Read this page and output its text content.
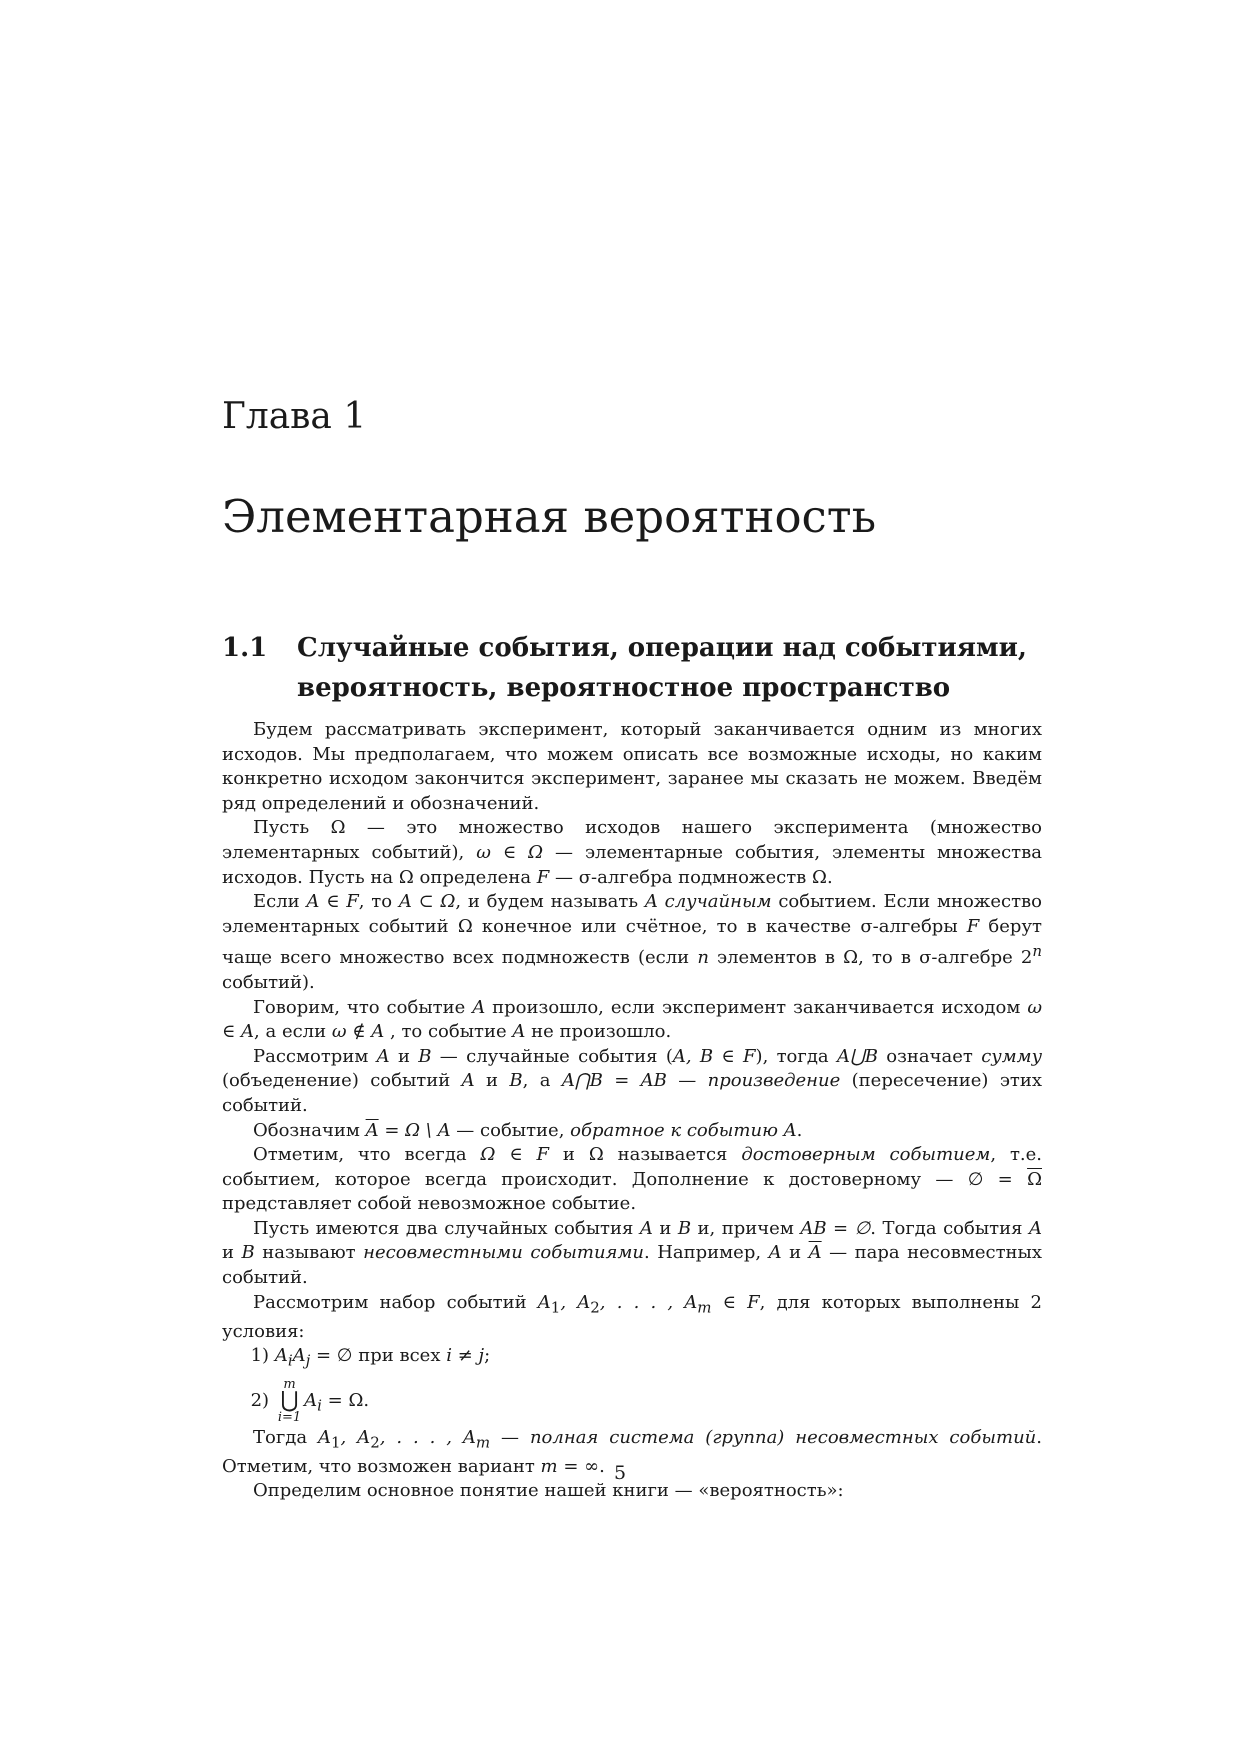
Глава 1
Элементарная вероятность
1.1 Случайные события, операции над событиями,
вероятность, вероятностное пространство

Будем рассматривать эксперимент, который заканчивается одним из многих исходов. Мы предполагаем, что можем описать все возможные исходы, но каким конкретно исходом закончится эксперимент, заранее мы сказать не можем. Введём ряд определений и обозначений.

Пусть Ω — это множество исходов нашего эксперимента (множество элементарных событий), ω ∈ Ω — элементарные события, элементы множества исходов. Пусть на Ω определена F — σ-алгебра подмножеств Ω.

Если A ∈ F, то A ⊂ Ω, и будем называть A случайным событием. Если множество элементарных событий Ω конечное или счётное, то в качестве σ-алгебры F берут чаще всего множество всех подмножеств (если n элементов в Ω, то в σ-алгебре 2$^n$ событий).

Говорим, что событие A произошло, если эксперимент заканчивается исходом ω ∈ A, а если ω ∉ A , то событие A не произошло.

Рассмотрим A и B — случайные события (A, B ∈ F), тогда A⋃B означает сумму (объеденение) событий A и B, а A⋂B = AB — произведение (пересечение) этих событий.

Обозначим $\overline{A} = \Omega$ \ A — событие, обратное к событию A.

Отметим, что всегда Ω ∈ F и Ω называется достоверным событием, т.е. событием, которое всегда происходит. Дополнение к достоверному — ∅ = $\overline{\Omega}$ представляет собой невозможное событие.

Пусть имеются два случайных события A и B и, причем AB = ∅. Тогда события A и B называют несовместными событиями. Например, A и $\overline{A}$ — пара несовместных событий.

Рассмотрим набор событий $A_1$, $A_2$, . . . , $A_m$ ∈ F, для которых выполнены 2 условия:

​     1) $A_iA_j$ = ∅ при всех i ≠ j;

​     2)
m
⋃
i=1
$A_i = \Omega$.

Тогда $A_1$, $A_2$, . . . , $A_m$ — полная система (группа) несовместных событий. Отметим, что возможен вариант m = ∞.

Определим основное понятие нашей книги — «вероятность»:

5
